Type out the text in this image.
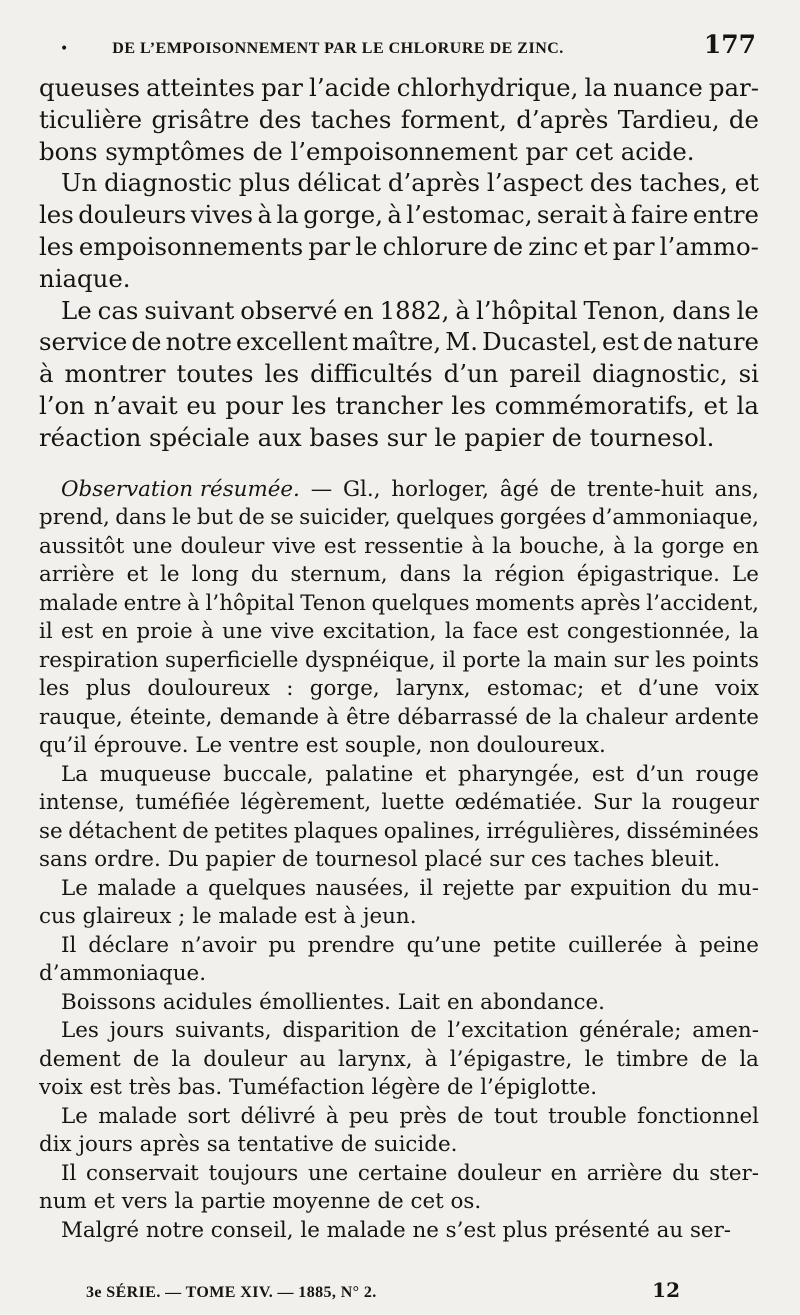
•	DE L’EMPOISONNEMENT PAR LE CHLORURE DE ZINC.	177
queuses atteintes par l’acide chlorhydrique, la nuance par-
ticulière grisâtre des taches forment, d’après Tardieu, de
bons symptômes de l’empoisonnement par cet acide.
Un diagnostic plus délicat d’après l’aspect des taches, et
les douleurs vives à la gorge, à l’estomac, serait à faire entre
les empoisonnements par le chlorure de zinc et par l’ammo-
niaque.
Le cas suivant observé en 1882, à l’hôpital Tenon, dans le
service de notre excellent maître, M. Ducastel, est de nature
à montrer toutes les difficultés d’un pareil diagnostic, si
l’on n’avait eu pour les trancher les commémoratifs, et la
réaction spéciale aux bases sur le papier de tournesol.
Observation résumée. — Gl., horloger, âgé de trente-huit ans,
prend, dans le but de se suicider, quelques gorgées d’ammoniaque,
aussitôt une douleur vive est ressentie à la bouche, à la gorge en
arrière et le long du sternum, dans la région épigastrique. Le
malade entre à l’hôpital Tenon quelques moments après l’accident,
il est en proie à une vive excitation, la face est congestionnée, la
respiration superficielle dyspnéique, il porte la main sur les points
les plus douloureux : gorge, larynx, estomac; et d’une voix
rauque, éteinte, demande à être débarrassé de la chaleur ardente
qu’il éprouve. Le ventre est souple, non douloureux.
La muqueuse buccale, palatine et pharyngée, est d’un rouge
intense, tuméfiée légèrement, luette œdématiée. Sur la rougeur
se détachent de petites plaques opalines, irrégulières, disséminées
sans ordre. Du papier de tournesol placé sur ces taches bleuit.
Le malade a quelques nausées, il rejette par expuition du mu-
cus glaireux ; le malade est à jeun.
Il déclare n’avoir pu prendre qu’une petite cuillerée à peine
d’ammoniaque.
Boissons acidules émollientes. Lait en abondance.
Les jours suivants, disparition de l’excitation générale; amen-
dement de la douleur au larynx, à l’épigastre, le timbre de la
voix est très bas. Tuméfaction légère de l’épiglotte.
Le malade sort délivré à peu près de tout trouble fonctionnel
dix jours après sa tentative de suicide.
Il conservait toujours une certaine douleur en arrière du ster-
num et vers la partie moyenne de cet os.
Malgré notre conseil, le malade ne s’est plus présenté au ser-
3e SÉRIE. — TOME XIV. — 1885, N° 2.	12
